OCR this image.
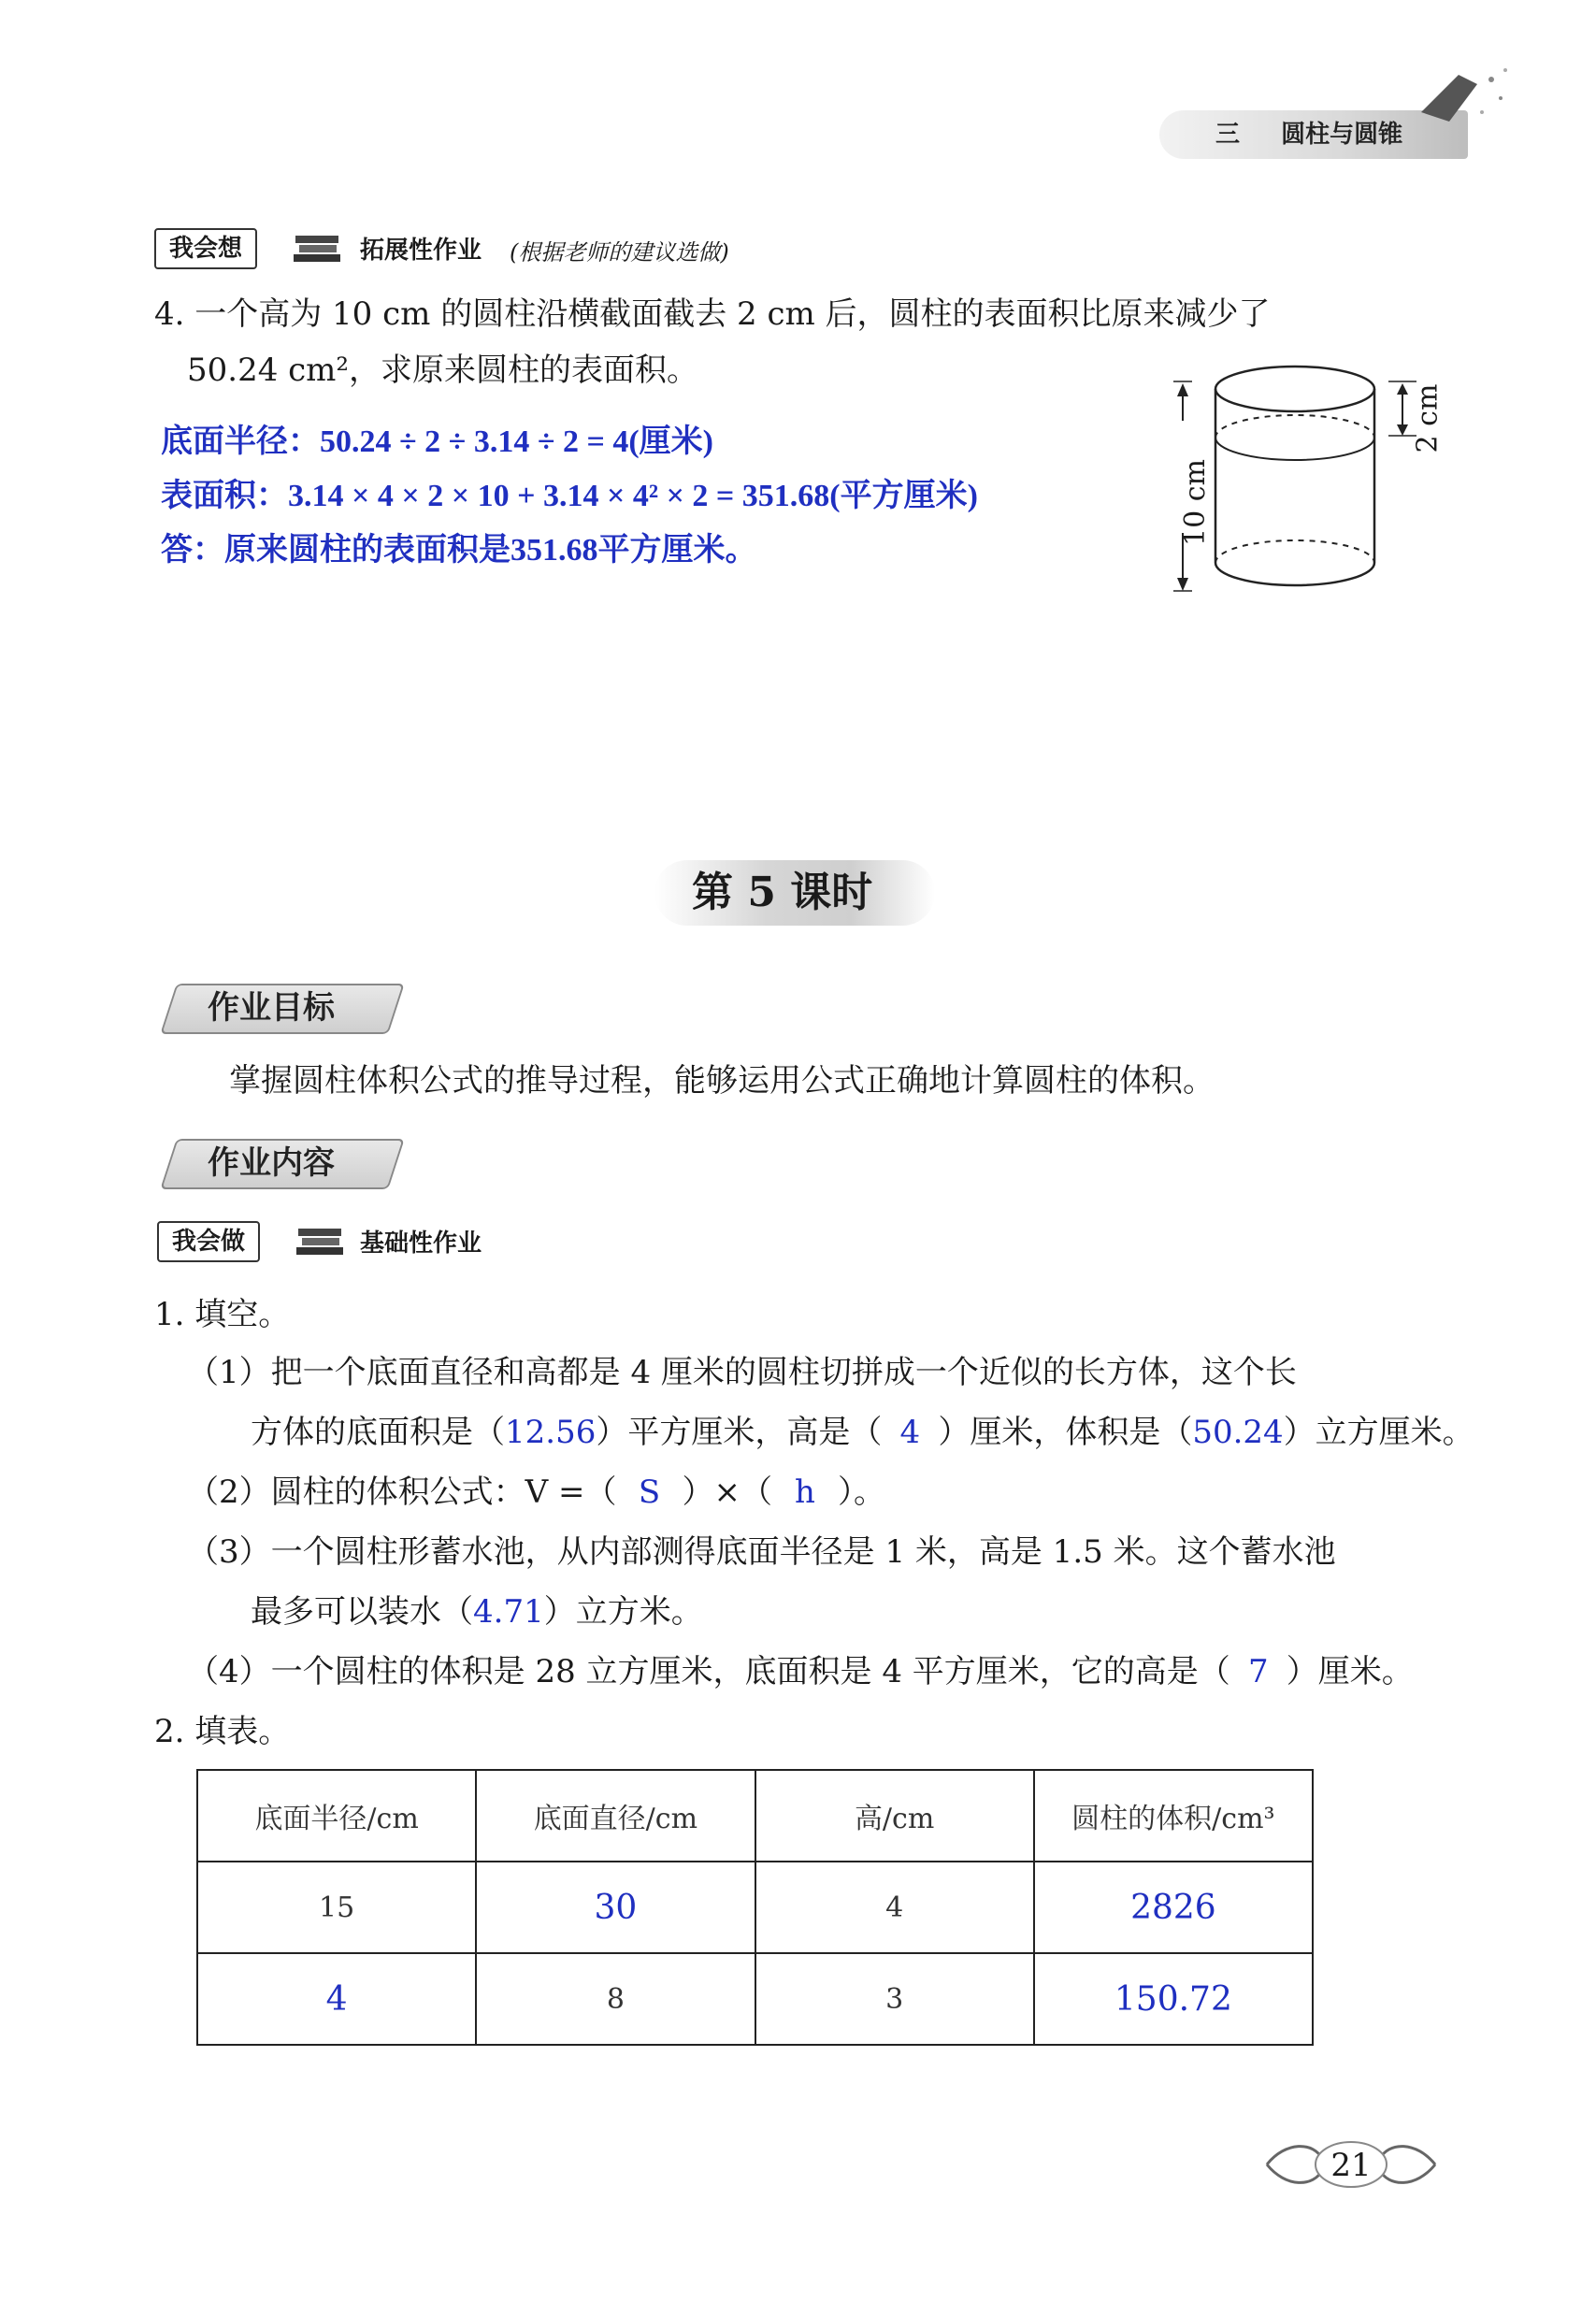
三 圆柱与圆锥
我会想	拓展性作业 (根据老师的建议选做)
4. 一个高为 10 cm 的圆柱沿横截面截去 2 cm 后，圆柱的表面积比原来减少了
50.24 cm²，求原来圆柱的表面积。
底面半径：50.24 ÷ 2 ÷ 3.14 ÷ 2 = 4(厘米)
表面积：3.14 × 4 × 2 × 10 + 3.14 × 4² × 2 = 351.68(平方厘米)
答：原来圆柱的表面积是351.68平方厘米。
10 cm
2 cm
第 5 课时
作业目标
掌握圆柱体积公式的推导过程，能够运用公式正确地计算圆柱的体积。
作业内容
我会做	基础性作业
1. 填空。
（1）把一个底面直径和高都是 4 厘米的圆柱切拼成一个近似的长方体，这个长
方体的底面积是（12.56）平方厘米，高是（ 4 ）厘米，体积是（50.24）立方厘米。
（2）圆柱的体积公式：V =（ S ）×（ h ）。
（3）一个圆柱形蓄水池，从内部测得底面半径是 1 米，高是 1.5 米。这个蓄水池
最多可以装水（4.71）立方米。
（4）一个圆柱的体积是 28 立方厘米，底面积是 4 平方厘米，它的高是（ 7 ）厘米。
2. 填表。
底面半径/cm	底面直径/cm	高/cm	圆柱的体积/cm³
15	30	4	2826
4	8	3	150.72
21
